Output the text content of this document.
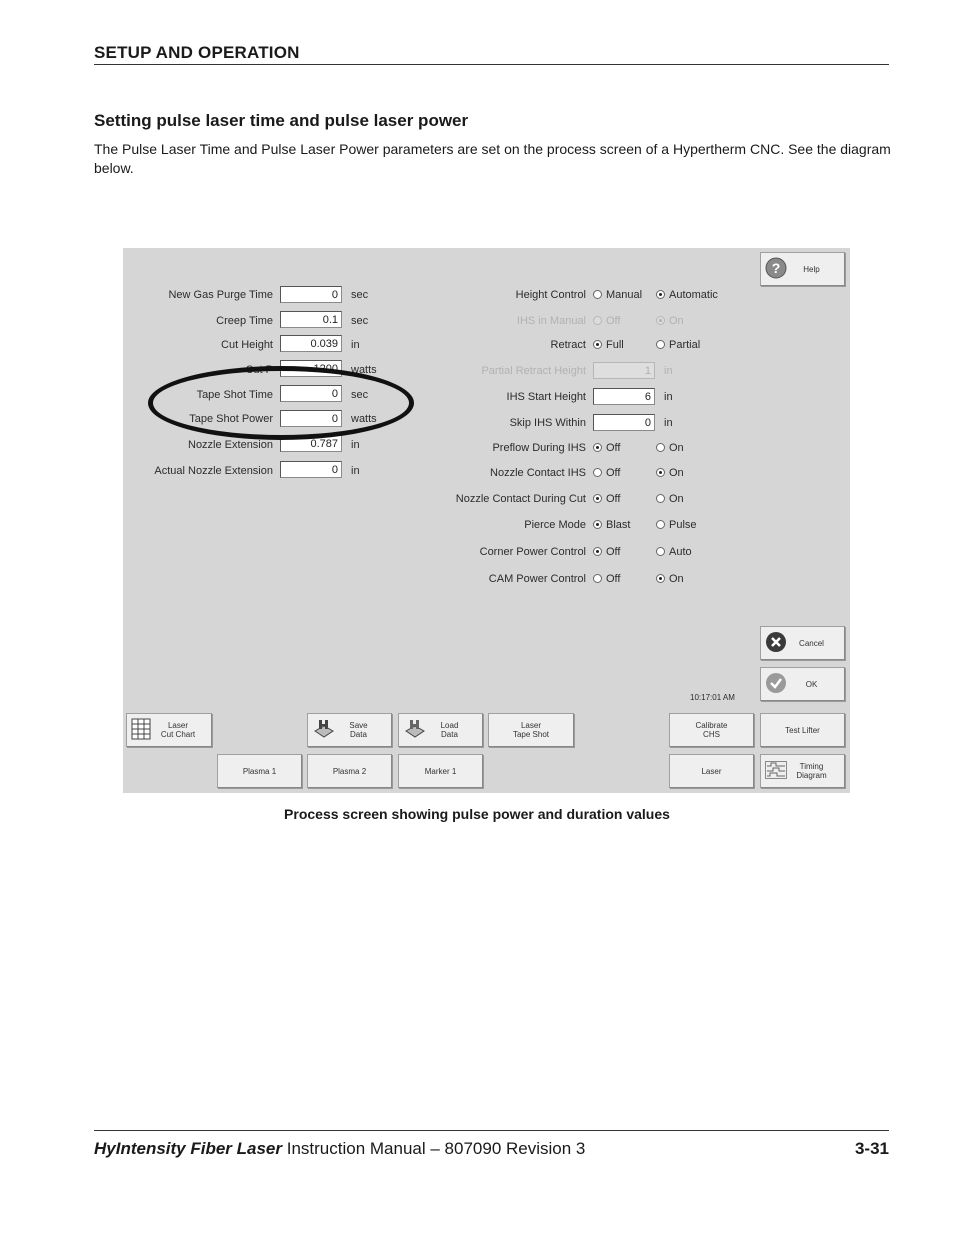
SETUP AND OPERATION
Setting pulse laser time and pulse laser power
The Pulse Laser Time and Pulse Laser Power parameters are set on the process screen of a Hypertherm CNC. See the diagram below.
New Gas Purge Time	0	sec
Creep Time	0.1	sec
Cut Height	0.039	in
Cut P	1200	watts
Tape Shot Time	0	sec
Tape Shot Power	0	watts
Nozzle Extension	0.787	in
Actual Nozzle Extension	0	in
Height Control	Manual	Automatic
IHS in Manual	Off	On
Retract	Full	Partial
Partial Retract Height	1	in
IHS Start Height	6	in
Skip IHS Within	0	in
Preflow During IHS	Off	On
Nozzle Contact IHS	Off	On
Nozzle Contact During Cut	Off	On
Pierce Mode	Blast	Pulse
Corner Power Control	Off	Auto
CAM Power Control	Off	On
10:17:01 AM
?	Help
Cancel
OK
Laser
Cut Chart
Save
Data
Load
Data
Laser
Tape Shot
Calibrate
CHS	Test Lifter
Plasma 1	Plasma 2	Marker 1	Laser	Timing
Diagram
Process screen showing pulse power and duration values
HyIntensity Fiber Laser Instruction Manual – 807090 Revision 3	3-31
